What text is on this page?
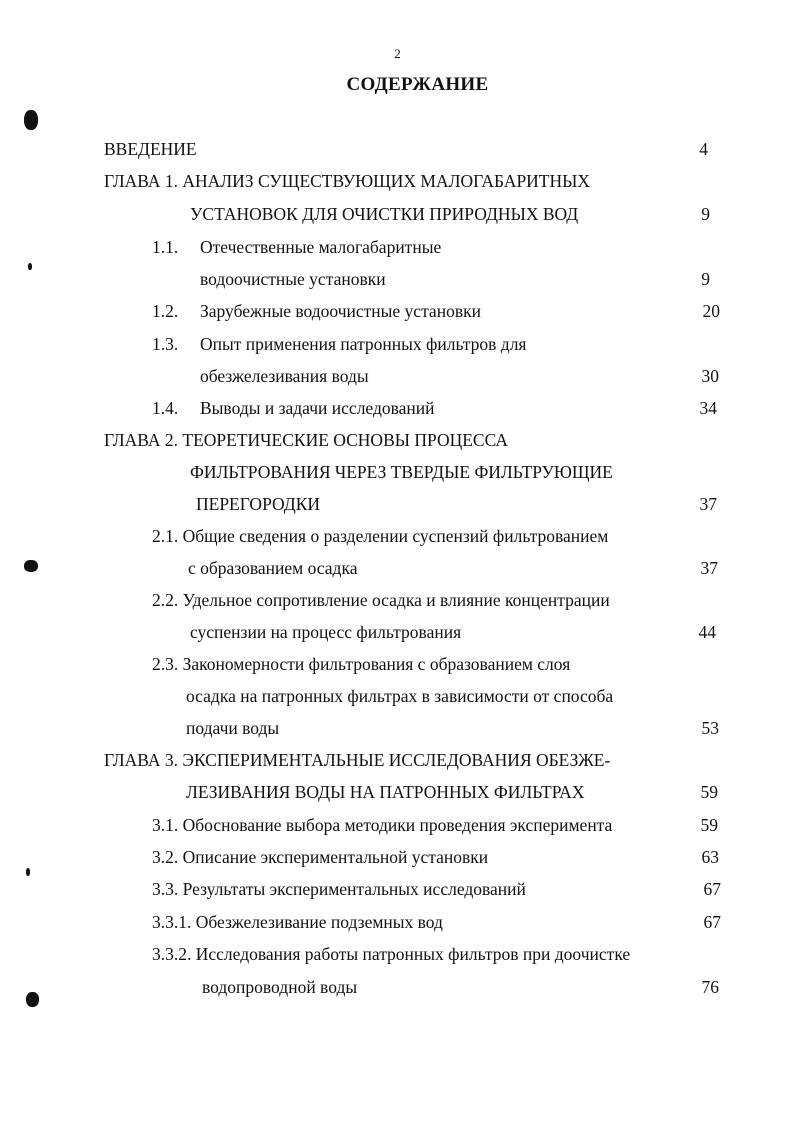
2
СОДЕРЖАНИЕ
ВВЕДЕНИЕ	4
ГЛАВА 1. АНАЛИЗ СУЩЕСТВУЮЩИХ МАЛОГАБАРИТНЫХ
УСТАНОВОК ДЛЯ ОЧИСТКИ ПРИРОДНЫХ ВОД	9
1.1. Отечественные малогабаритные
водоочистные установки	9
1.2. Зарубежные водоочистные установки	20
1.3. Опыт применения патронных фильтров для
обезжелезивания воды	30
1.4. Выводы и задачи исследований	34
ГЛАВА 2. ТЕОРЕТИЧЕСКИЕ ОСНОВЫ ПРОЦЕССА
ФИЛЬТРОВАНИЯ ЧЕРЕЗ ТВЕРДЫЕ ФИЛЬТРУЮЩИЕ
ПЕРЕГОРОДКИ	37
2.1. Общие сведения о разделении суспензий фильтрованием
с образованием осадка	37
2.2. Удельное сопротивление осадка и влияние концентрации
суспензии на процесс фильтрования	44
2.3. Закономерности фильтрования с образованием слоя
осадка на патронных фильтрах в зависимости от способа
подачи воды	53
ГЛАВА 3. ЭКСПЕРИМЕНТАЛЬНЫЕ ИССЛЕДОВАНИЯ ОБЕЗЖЕ-
ЛЕЗИВАНИЯ ВОДЫ НА ПАТРОННЫХ ФИЛЬТРАХ	59
3.1. Обоснование выбора методики проведения эксперимента	59
3.2. Описание экспериментальной установки	63
3.3. Результаты экспериментальных исследований	67
3.3.1. Обезжелезивание подземных вод	67
3.3.2. Исследования работы патронных фильтров при доочистке
водопроводной воды	76
